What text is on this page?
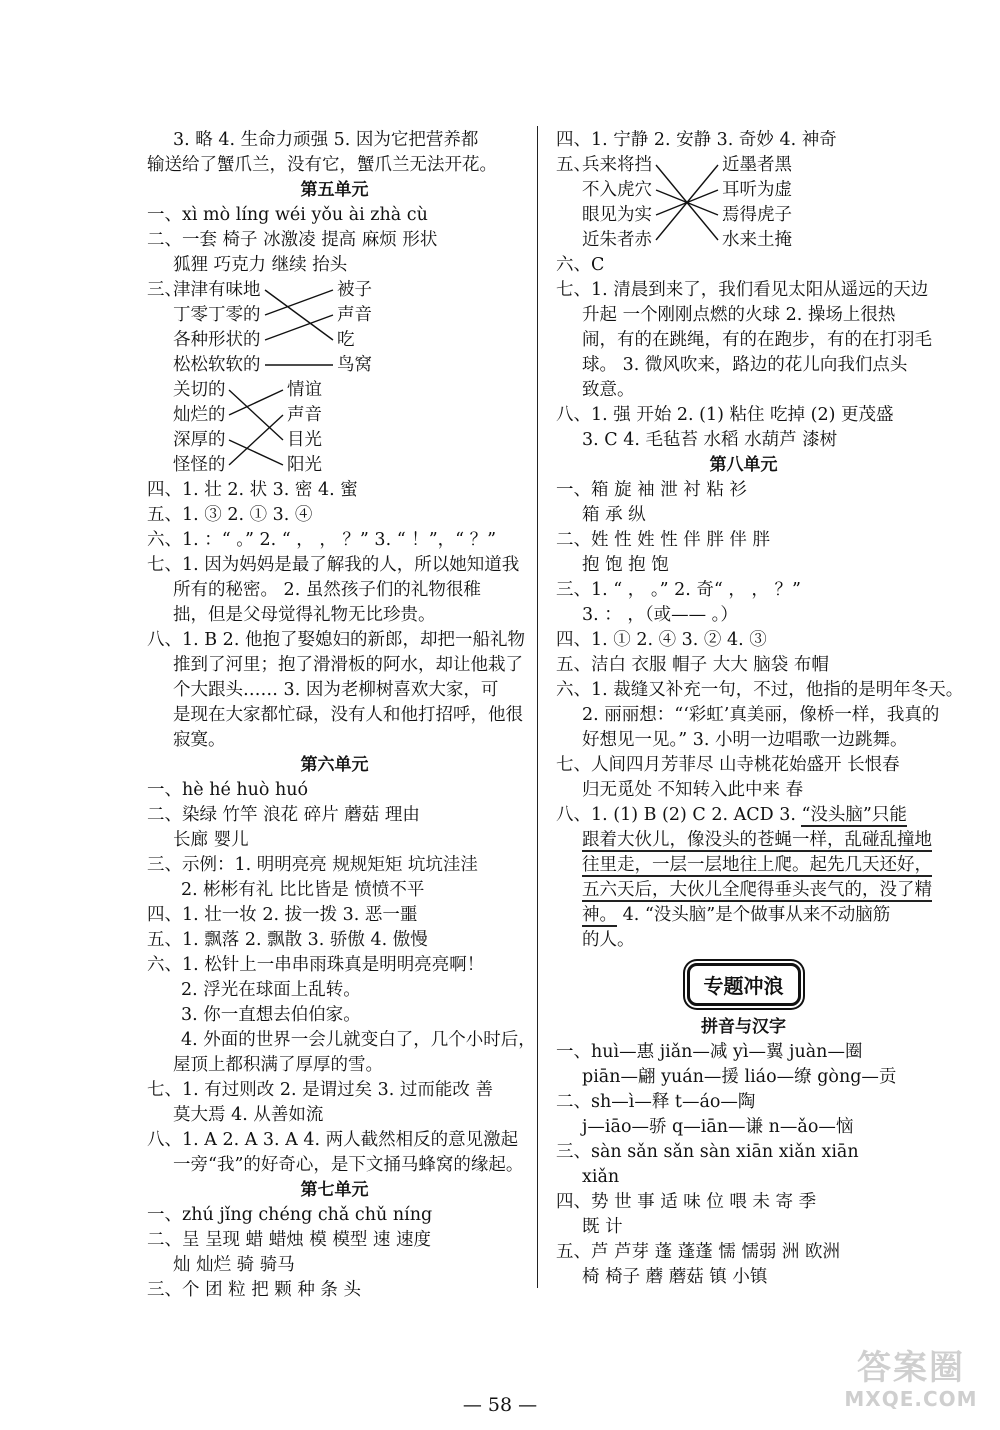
3. 略 4. 生命力顽强 5. 因为它把营养都
输送给了蟹爪兰，没有它，蟹爪兰无法开花。
第五单元
一、xì mò líng wéi yǒu ài zhà cù
二、一套 椅子 冰激凌 提高 麻烦 形状
狐狸 巧克力 继续 抬头
三、
津津有味地
丁零丁零的
各种形状的
松松软软的
被子
声音
吃
鸟窝
关切的
灿烂的
深厚的
怪怪的
情谊
声音
目光
阳光
四、1. 壮 2. 状 3. 密 4. 蜜
五、1. ③ 2. ① 3. ④
六、1. ：“ 。” 2. “ ， ， ？” 3. “ ！”，“ ？”
七、1. 因为妈妈是最了解我的人，所以她知道我
所有的秘密。 2. 虽然孩子们的礼物很稚
拙，但是父母觉得礼物无比珍贵。
八、1. B 2. 他抱了娶媳妇的新郎，却把一船礼物
推到了河里；抱了滑滑板的阿水，却让他栽了
个大跟头…… 3. 因为老柳树喜欢大家，可
是现在大家都忙碌，没有人和他打招呼，他很
寂寞。
第六单元
一、hè hé huò huó
二、染绿 竹竿 浪花 碎片 蘑菇 理由
长廊 婴儿
三、示例：1. 明明亮亮 规规矩矩 坑坑洼洼
2. 彬彬有礼 比比皆是 愤愤不平
四、1. 壮一妆 2. 拔一拨 3. 恶一噩
五、1. 飘落 2. 飘散 3. 骄傲 4. 傲慢
六、1. 松针上一串串雨珠真是明明亮亮啊！
2. 浮光在球面上乱转。
3. 你一直想去伯伯家。
4. 外面的世界一会儿就变白了，几个小时后，
屋顶上都积满了厚厚的雪。
七、1. 有过则改 2. 是谓过矣 3. 过而能改 善
莫大焉 4. 从善如流
八、1. A 2. A 3. A 4. 两人截然相反的意见激起
一旁“我”的好奇心，是下文捅马蜂窝的缘起。
第七单元
一、zhú jǐng chéng chǎ chǔ níng
二、呈 呈现 蜡 蜡烛 模 模型 速 速度
灿 灿烂 骑 骑马
三、个 团 粒 把 颗 种 条 头
四、1. 宁静 2. 安静 3. 奇妙 4. 神奇
五、
兵来将挡
不入虎穴
眼见为实
近朱者赤
近墨者黑
耳听为虚
焉得虎子
水来土掩
六、C
七、1. 清晨到来了，我们看见太阳从遥远的天边
升起 一个刚刚点燃的火球 2. 操场上很热
闹，有的在跳绳，有的在跑步，有的在打羽毛
球。 3. 微风吹来，路边的花儿向我们点头
致意。
八、1. 强 开始 2. (1) 粘住 吃掉 (2) 更茂盛
3. C 4. 毛毡苔 水稻 水葫芦 漆树
第八单元
一、箱 旋 袖 泄 衬 粘 衫
箱 承 纵
二、姓 性 姓 性 伴 胖 伴 胖
抱 饱 抱 饱
三、1. “ ， 。” 2. 奇“ ， ， ？”
3. ： ，（或—— 。）
四、1. ① 2. ④ 3. ② 4. ③
五、洁白 衣服 帽子 大大 脑袋 布帽
六、1. 裁缝又补充一句，不过，他指的是明年冬天。
2. 丽丽想：“‘彩虹’真美丽，像桥一样，我真的
好想见一见。” 3. 小明一边唱歌一边跳舞。
七、人间四月芳菲尽 山寺桃花始盛开 长恨春
归无觅处 不知转入此中来 春
八、1. (1) B (2) C 2. ACD 3. “没头脑”只能
跟着大伙儿，像没头的苍蝇一样，乱碰乱撞地
往里走，一层一层地往上爬。起先几天还好，
五六天后，大伙儿全爬得垂头丧气的，没了精
神。 4. “没头脑”是个做事从来不动脑筋
的人。
专题冲浪
拼音与汉字
一、huì—惠 jiǎn—减 yì—翼 juàn—圈
piān—翩 yuán—援 liáo—缭 gòng—贡
二、sh—ì—释 t—áo—陶
j—iāo—骄 q—iān—谦 n—ǎo—恼
三、sàn sǎn sǎn sàn xiān xiǎn xiān
xiǎn
四、势 世 事 适 味 位 喂 未 寄 季
既 计
五、芦 芦芽 蓬 蓬蓬 懦 懦弱 洲 欧洲
椅 椅子 蘑 蘑菇 镇 小镇
— 58 —
答案圈
MXQE.COM
